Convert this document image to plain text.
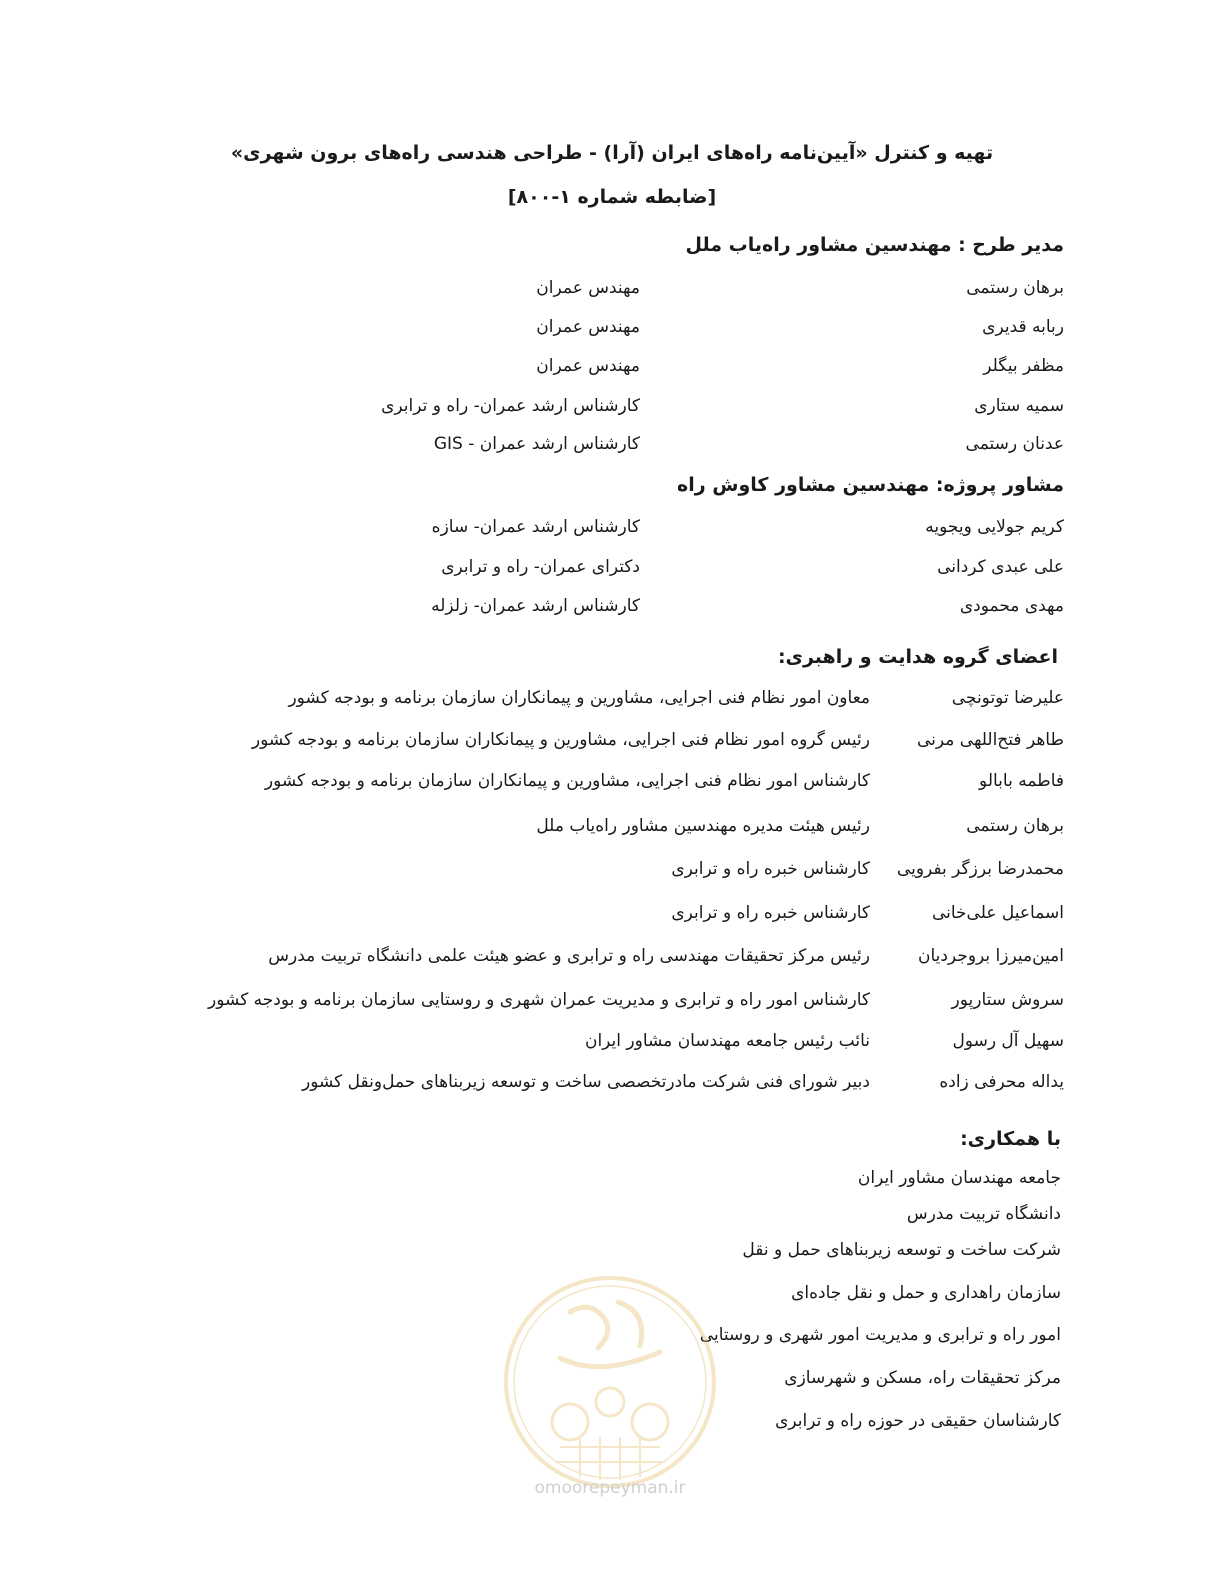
تهیه و کنترل «آیین‌نامه راه‌های ایران (آرا) - طراحی هندسی راه‌های برون شهری»
[ضابطه شماره ۱-۸۰۰]
مدیر طرح : مهندسین مشاور راه‌یاب ملل
برهان رستمی
مهندس عمران
ربابه قدیری
مهندس عمران
مظفر بیگلر
مهندس عمران
سمیه ستاری
کارشناس ارشد عمران- راه و ترابری
عدنان رستمی
کارشناس ارشد عمران - GIS
مشاور پروژه: مهندسین مشاور کاوش راه
کریم جولایی ویجویه
کارشناس ارشد عمران- سازه
علی عبدی کردانی
دکترای عمران- راه و ترابری
مهدی محمودی
کارشناس ارشد عمران- زلزله
اعضای گروه هدایت و راهبری:
علیرضا توتونچی
معاون امور نظام فنی اجرایی، مشاورین و پیمانکاران سازمان برنامه و بودجه کشور
طاهر فتح‌اللهی مرنی
رئیس گروه امور نظام فنی اجرایی، مشاورین و پیمانکاران سازمان برنامه و بودجه کشور
فاطمه بابالو
کارشناس امور نظام فنی اجرایی، مشاورین و پیمانکاران سازمان برنامه و بودجه کشور
برهان رستمی
رئیس هیئت مدیره مهندسین مشاور راه‌یاب ملل
محمدرضا برزگر بفرویی
کارشناس خبره راه و ترابری
اسماعیل علی‌خانی
کارشناس خبره راه و ترابری
امین‌میرزا بروجردیان
رئیس مرکز تحقیقات مهندسی راه و ترابری و عضو هیئت علمی دانشگاه تربیت مدرس
سروش ستارپور
کارشناس امور راه و ترابری و مدیریت عمران شهری و روستایی سازمان برنامه و بودجه کشور
سهیل آل رسول
نائب رئیس جامعه مهندسان مشاور ایران
یداله محرفی زاده
دبیر شورای فنی شرکت مادرتخصصی ساخت و توسعه زیربناهای حمل‌ونقل کشور
با همکاری:
جامعه مهندسان مشاور ایران
دانشگاه تربیت مدرس
شرکت ساخت و توسعه زیربناهای حمل و نقل
سازمان راهداری و حمل و نقل جاده‌ای
امور راه و ترابری و مدیریت امور شهری و روستایی
مرکز تحقیقات راه، مسکن و شهرسازی
کارشناسان حقیقی در حوزه راه و ترابری
omoorepeyman.ir
